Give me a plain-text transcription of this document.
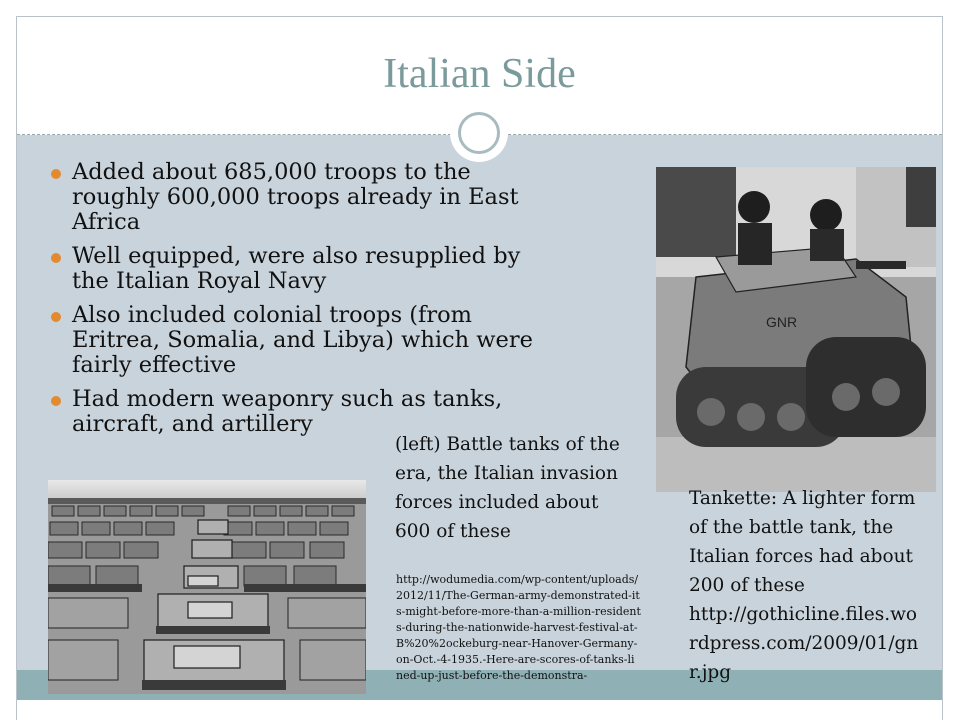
Italian Side
Added about 685,000 troops to the roughly 600,000 troops already in East Africa
Well equipped, were also resupplied by the Italian Royal Navy
Also included colonial troops (from Eritrea, Somalia, and Libya) which were fairly effective
Had modern weaponry such as tanks, aircraft, and artillery
GNR
(left) Battle tanks of the era, the Italian invasion forces included about 600 of these
http://wodumedia.com/wp-content/uploads/2012/11/The-German-army-demonstrated-its-might-before-more-than-a-million-residents-during-the-nationwide-harvest-festival-at-B%20%2ockeburg-near-Hanover-Germany-on-Oct.-4-1935.-Here-are-scores-of-tanks-lined-up-just-before-the-demonstra-
Tankette: A lighter form of the battle tank, the Italian forces had about 200 of these http://gothicline.files.wordpress.com/2009/01/gnr.jpg
